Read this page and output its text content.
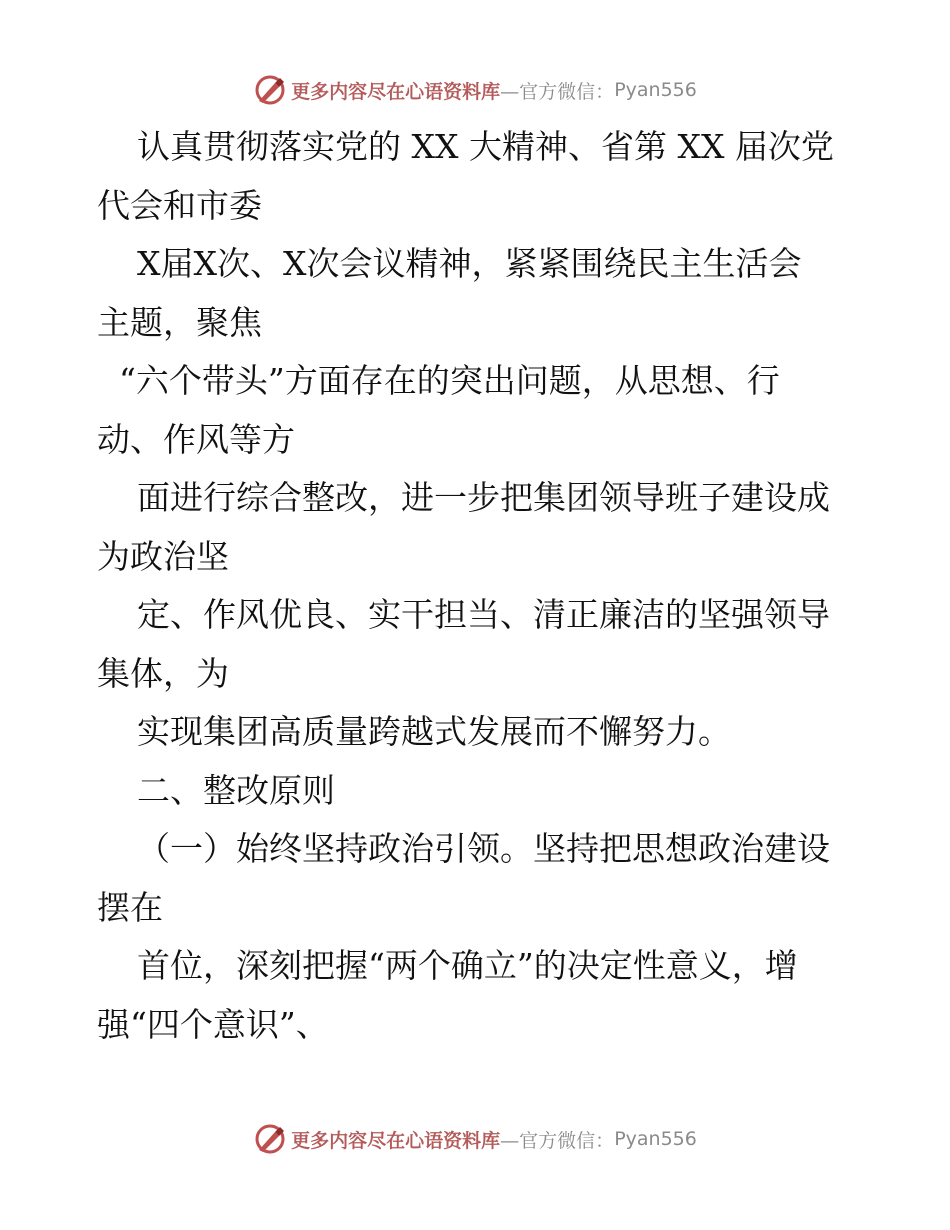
更多内容尽在心语资料库 —官方微信： Pyan556
认真贯彻落实党的 XX 大精神、省第 XX 届次党
代会和市委
X届X次、X次会议精神，紧紧围绕民主生活会
主题，聚焦
“六个带头”方面存在的突出问题，从思想、行
动、作风等方
面进行综合整改，进一步把集团领导班子建设成
为政治坚
定、作风优良、实干担当、清正廉洁的坚强领导
集体，为
实现集团高质量跨越式发展而不懈努力。
二、整改原则
（一）始终坚持政治引领。坚持把思想政治建设
摆在
首位，深刻把握“两个确立”的决定性意义，增
强“四个意识”、
更多内容尽在心语资料库 —官方微信： Pyan556
